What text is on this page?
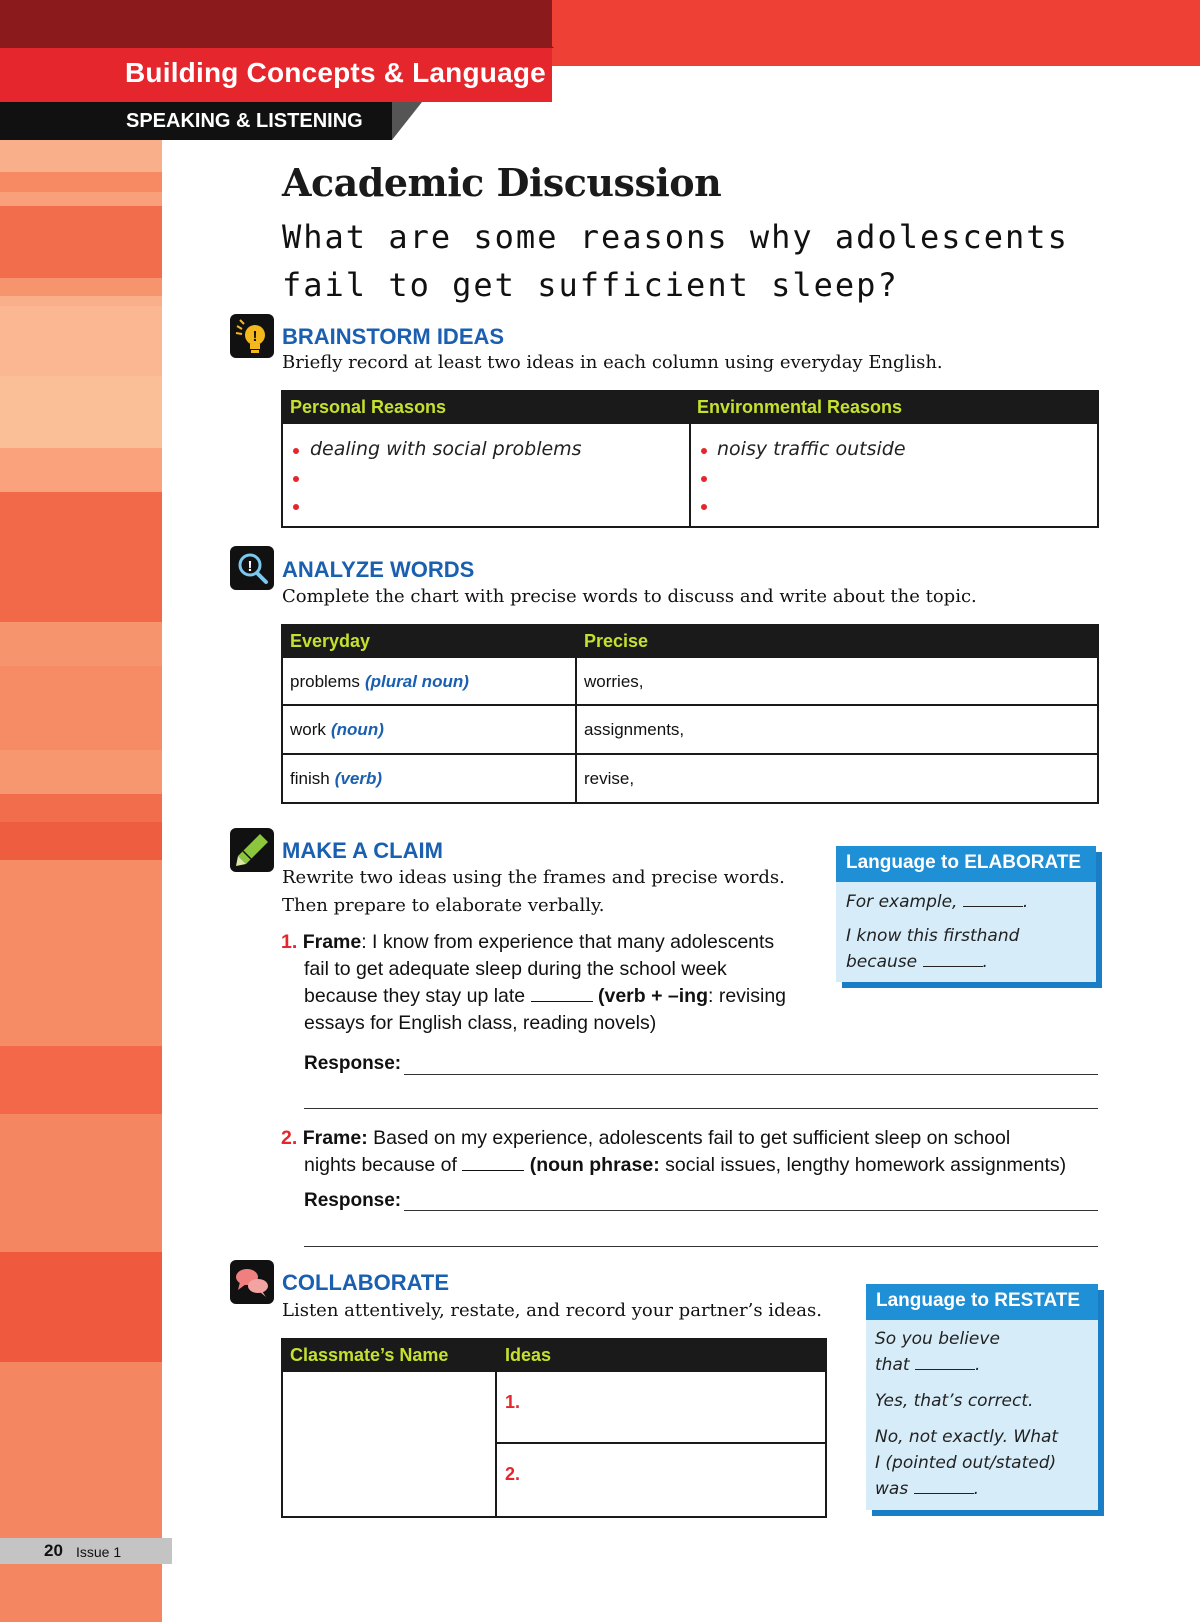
Building Concepts & Language
SPEAKING & LISTENING
Academic Discussion
What are some reasons why adolescents
fail to get sufficient sleep?
! BRAINSTORM IDEAS
Briefly record at least two ideas in each column using everyday English.
Personal Reasons	Environmental Reasons
dealing with social problems	noisy traffic outside
! ANALYZE WORDS
Complete the chart with precise words to discuss and write about the topic.
Everyday	Precise
problems (plural noun)	worries,
work (noun)	assignments,
finish (verb)	revise,
MAKE A CLAIM
Rewrite two ideas using the frames and precise words.
Then prepare to elaborate verbally.
1. Frame: I know from experience that many adolescents
fail to get adequate sleep during the school week
because they stay up late	(verb + –ing: revising
essays for English class, reading novels)
Response:
2. Frame: Based on my experience, adolescents fail to get sufficient sleep on school
nights because of	(noun phrase: social issues, lengthy homework assignments)
Response:
Language to ELABORATE
For example,	.
I know this firsthand
because	.
COLLABORATE
Listen attentively, restate, and record your partner’s ideas.
Classmate’s Name	Ideas
1.
2.
Language to RESTATE
So you believe
that	.
Yes, that’s correct.
No, not exactly. What
I (pointed out/stated)
was	.
20 Issue 1
